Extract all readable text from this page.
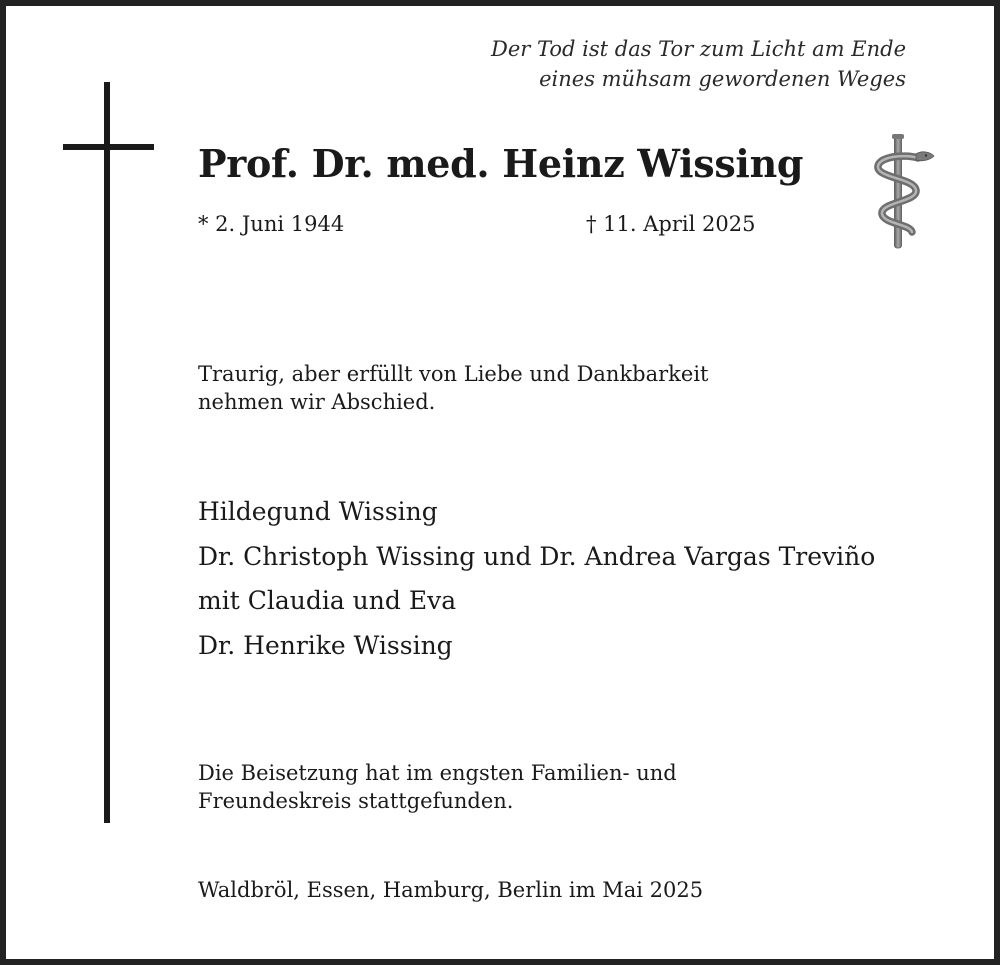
Der Tod ist das Tor zum Licht am Ende
eines mühsam gewordenen Weges
Prof. Dr. med. Heinz Wissing
* 2. Juni 1944	† 11. April 2025
Traurig, aber erfüllt von Liebe und Dankbarkeit
nehmen wir Abschied.
Hildegund Wissing
Dr. Christoph Wissing und Dr. Andrea Vargas Treviño
mit Claudia und Eva
Dr. Henrike Wissing
Die Beisetzung hat im engsten Familien- und
Freundeskreis stattgefunden.
Waldbröl, Essen, Hamburg, Berlin im Mai 2025
